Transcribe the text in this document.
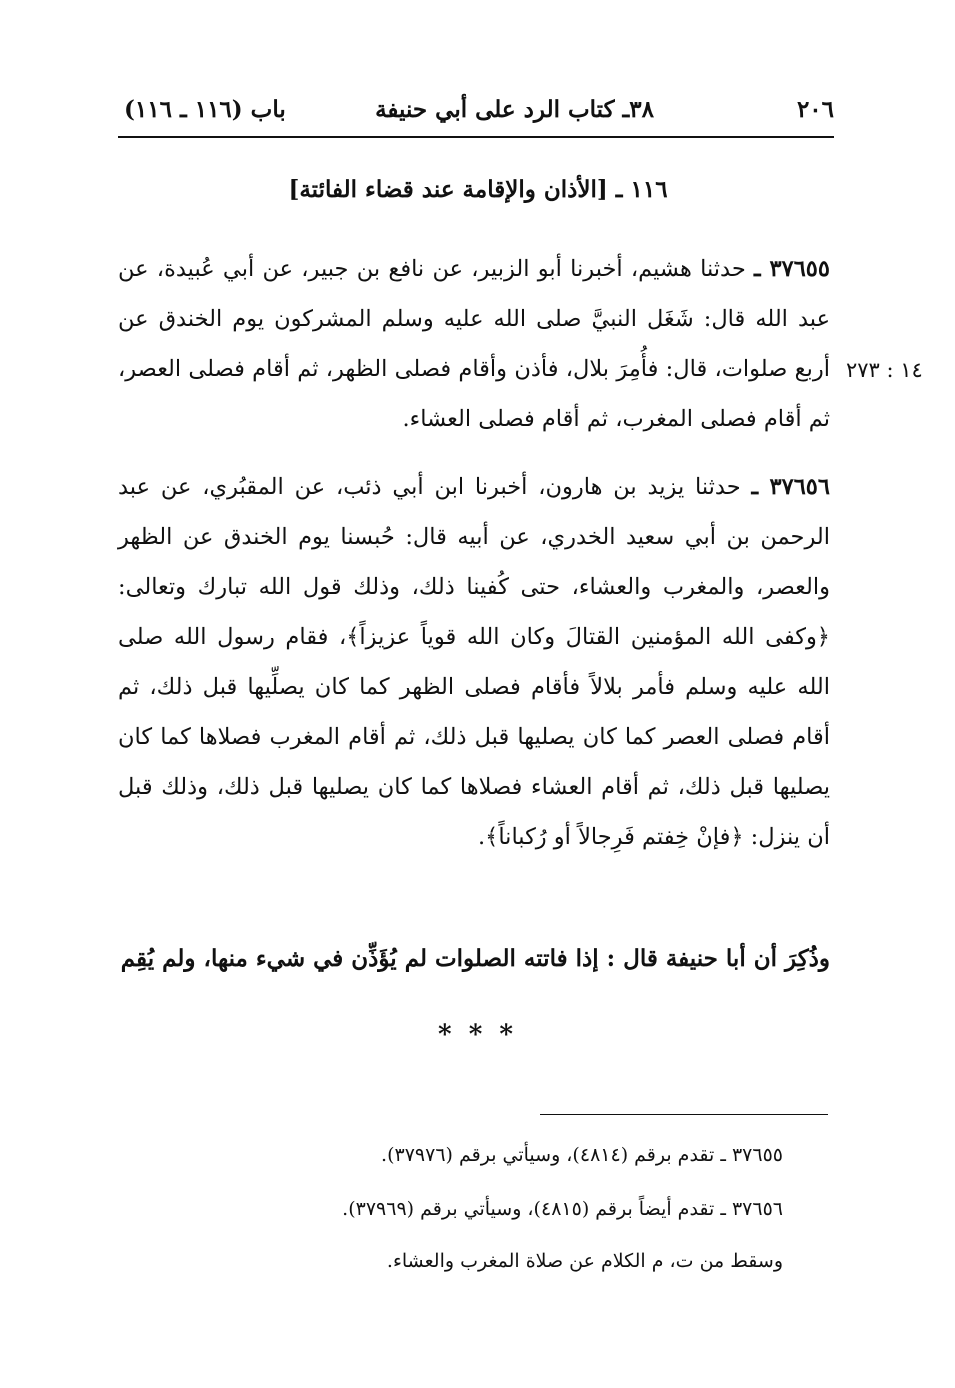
٢٠٦
٣٨ـ كتاب الرد على أبي حنيفة
باب (١١٦ ـ ١١٦)
١١٦ ـ [الأذان والإقامة عند قضاء الفائتة]
١٤ : ٢٧٣
٣٧٦٥٥ ـ حدثنا هشيم، أخبرنا أبو الزبير، عن نافع بن جبير، عن أبي عُبيدة، عن عبد الله قال: شَغَل النبيَّ صلى الله عليه وسلم المشركون يوم الخندق عن أربع صلوات، قال: فأُمِرَ بلال، فأذن وأقام فصلى الظهر، ثم أقام فصلى العصر، ثم أقام فصلى المغرب، ثم أقام فصلى العشاء.
٣٧٦٥٦ ـ حدثنا يزيد بن هارون، أخبرنا ابن أبي ذئب، عن المقبُري، عن عبد الرحمن بن أبي سعيد الخدري، عن أبيه قال: حُبسنا يوم الخندق عن الظهر والعصر، والمغرب والعشاء، حتى كُفينا ذلك، وذلك قول الله تبارك وتعالى: ﴿وكفى الله المؤمنين القتالَ وكان الله قوياً عزيزاً﴾، فقام رسول الله صلى الله عليه وسلم فأمر بلالاً فأقام فصلى الظهر كما كان يصلِّيها قبل ذلك، ثم أقام فصلى العصر كما كان يصليها قبل ذلك، ثم أقام المغرب فصلاها كما كان يصليها قبل ذلك، ثم أقام العشاء فصلاها كما كان يصليها قبل ذلك، وذلك قبل أن ينزل: ﴿فإنْ خِفتم فَرِجالاً أو رُكباناً﴾.
وذُكِرَ أن أبا حنيفة قال : إذا فاتته الصلوات لم يُؤَذِّن في شيء منها، ولم يُقِم
* * *
٣٧٦٥٥ ـ تقدم برقم (٤٨١٤)، وسيأتي برقم (٣٧٩٧٦).
٣٧٦٥٦ ـ تقدم أيضاً برقم (٤٨١٥)، وسيأتي برقم (٣٧٩٦٩).
وسقط من ت، م الكلام عن صلاة المغرب والعشاء.
